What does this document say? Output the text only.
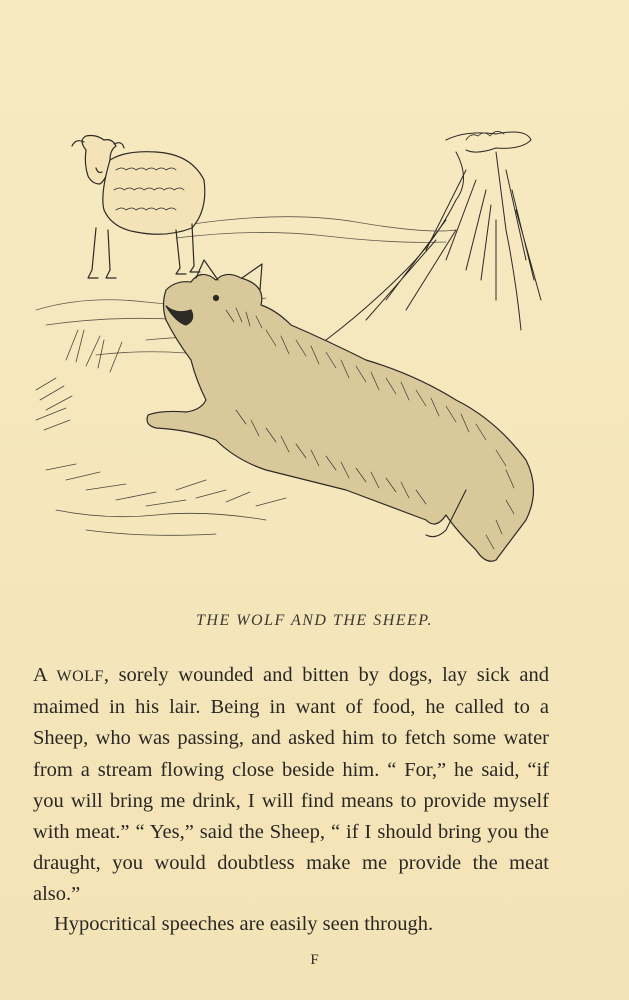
THE WOLF AND THE SHEEP.

A WOLF, sorely wounded and bitten by dogs, lay sick and maimed in his lair. Being in want of food, he called to a Sheep, who was passing, and asked him to fetch some water from a stream flowing close beside him. “ For,” he said, “if you will bring me drink, I will find means to provide myself with meat.” “ Yes,” said the Sheep, “ if I should bring you the draught, you would doubtless make me provide the meat also.”

Hypocritical speeches are easily seen through.
F
